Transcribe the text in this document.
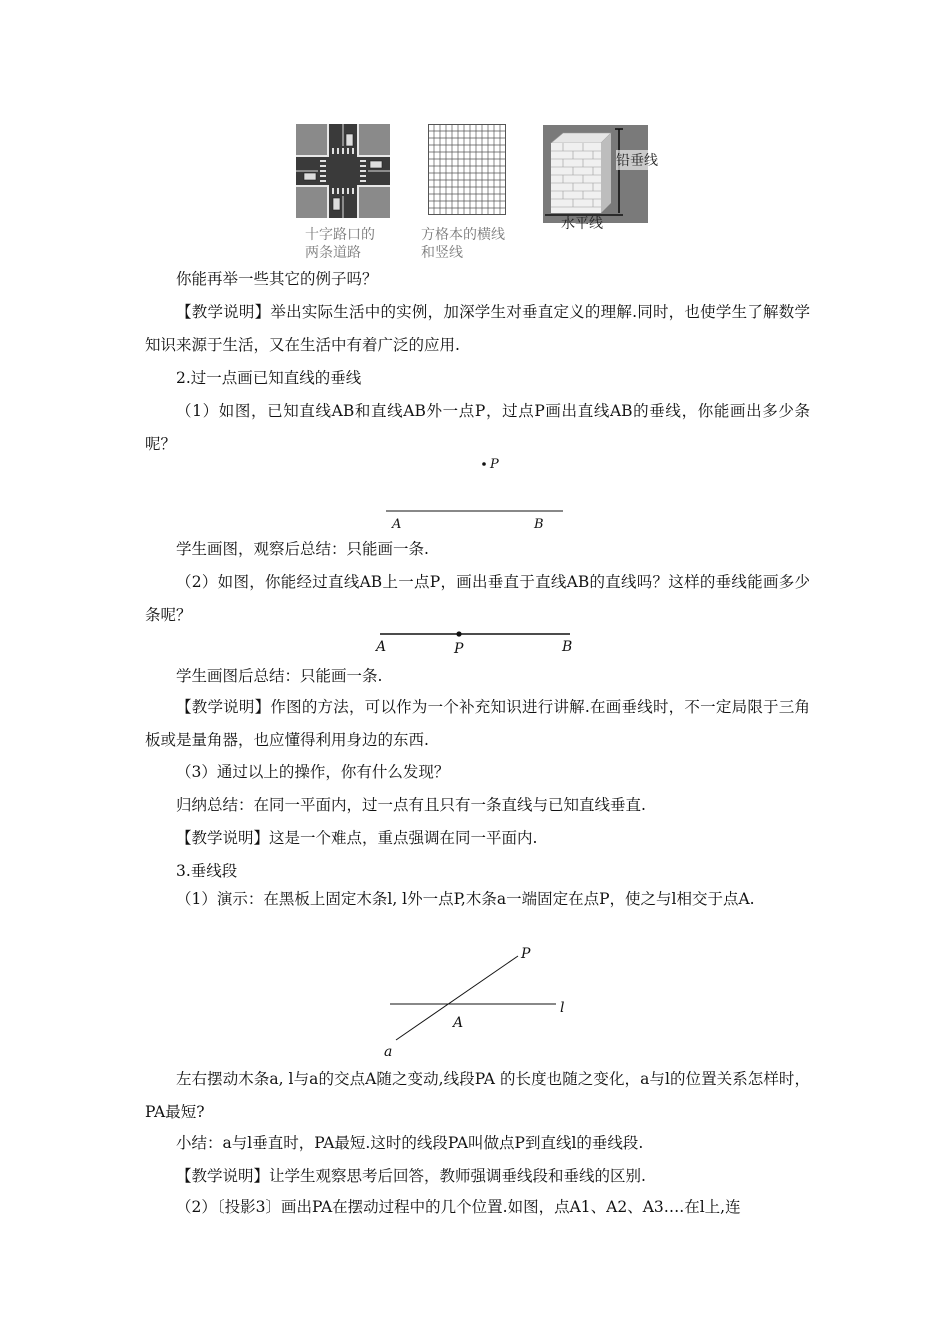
十字路口的
两条道路
方格本的横线
和竖线
铅垂线
水平线

你能再举一些其它的例子吗？

【教学说明】举出实际生活中的实例，加深学生对垂直定义的理解.同时，也使学生了解数学知识来源于生活，又在生活中有着广泛的应用.

2.过一点画已知直线的垂线

（1）如图，已知直线AB和直线AB外一点P，过点P画出直线AB的垂线，你能画出多少条呢？

P
A	B

学生画图，观察后总结：只能画一条.

（2）如图，你能经过直线AB上一点P，画出垂直于直线AB的直线吗？这样的垂线能画多少条呢？

A	P	B

学生画图后总结：只能画一条.

【教学说明】作图的方法，可以作为一个补充知识进行讲解.在画垂线时，不一定局限于三角板或是量角器，也应懂得利用身边的东西.

（3）通过以上的操作，你有什么发现？

归纳总结：在同一平面内，过一点有且只有一条直线与已知直线垂直.

【教学说明】这是一个难点，重点强调在同一平面内.

3.垂线段

（1）演示：在黑板上固定木条l, l外一点P,木条a一端固定在点P，使之与l相交于点A.

P
l
A
a

左右摆动木条a, l与a的交点A随之变动,线段PA 的长度也随之变化，a与l的位置关系怎样时，PA最短?

小结：a与l垂直时，PA最短.这时的线段PA叫做点P到直线l的垂线段.

【教学说明】让学生观察思考后回答，教师强调垂线段和垂线的区别.

（2）〔投影3〕画出PA在摆动过程中的几个位置.如图，点A1、A2、A3….在l上,连
